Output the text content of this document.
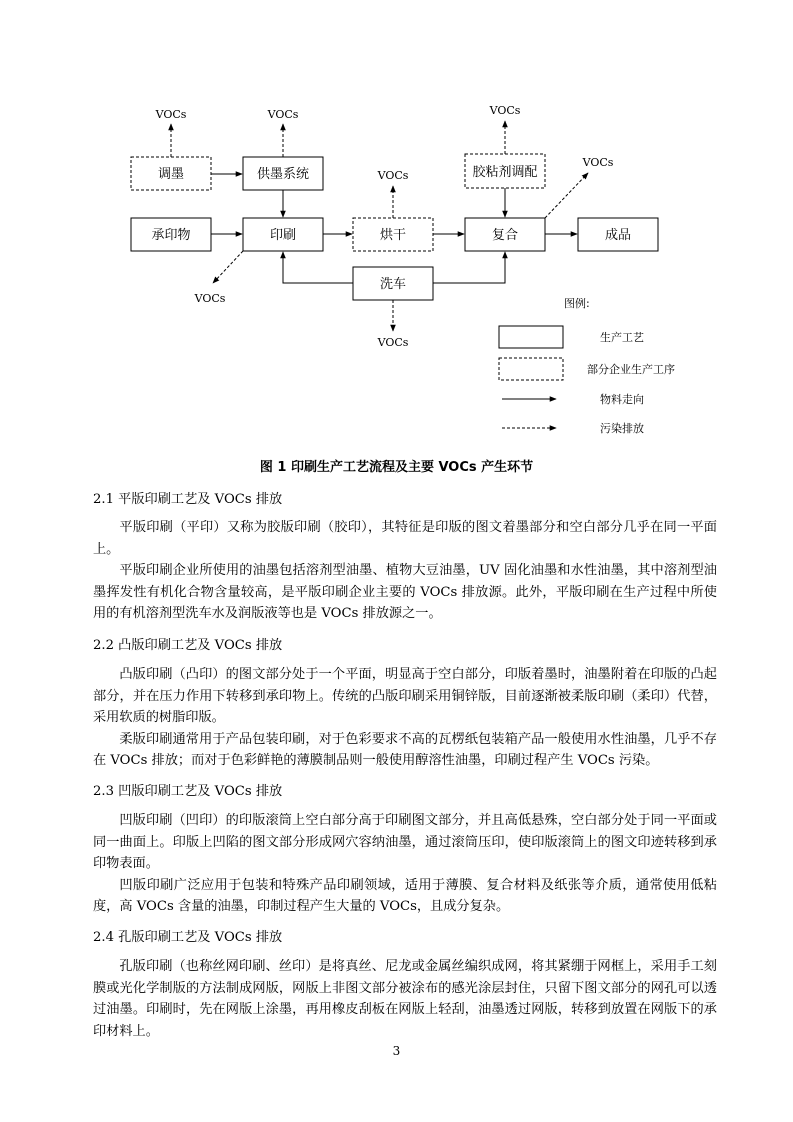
调墨	供墨系统
承印物	印刷	烘干	复合	成品
胶粘剂调配
洗车
VOCs	VOCs	VOCs
VOCs
VOCs
VOCs
VOCs
图例:
生产工艺
部分企业生产工序
物料走向
污染排放
图 1 印刷生产工艺流程及主要 VOCs 产生环节
2.1 平版印刷工艺及 VOCs 排放

平版印刷（平印）又称为胶版印刷（胶印），其特征是印版的图文着墨部分和空白部分几乎在同一平面上。

平版印刷企业所使用的油墨包括溶剂型油墨、植物大豆油墨，UV 固化油墨和水性油墨，其中溶剂型油墨挥发性有机化合物含量较高，是平版印刷企业主要的 VOCs 排放源。此外，平版印刷在生产过程中所使用的有机溶剂型洗车水及润版液等也是 VOCs 排放源之一。

2.2 凸版印刷工艺及 VOCs 排放

凸版印刷（凸印）的图文部分处于一个平面，明显高于空白部分，印版着墨时，油墨附着在印版的凸起部分，并在压力作用下转移到承印物上。传统的凸版印刷采用铜锌版，目前逐渐被柔版印刷（柔印）代替，采用软质的树脂印版。

柔版印刷通常用于产品包装印刷，对于色彩要求不高的瓦楞纸包装箱产品一般使用水性油墨，几乎不存在 VOCs 排放；而对于色彩鲜艳的薄膜制品则一般使用醇溶性油墨，印刷过程产生 VOCs 污染。

2.3 凹版印刷工艺及 VOCs 排放

凹版印刷（凹印）的印版滚筒上空白部分高于印刷图文部分，并且高低悬殊，空白部分处于同一平面或同一曲面上。印版上凹陷的图文部分形成网穴容纳油墨，通过滚筒压印，使印版滚筒上的图文印迹转移到承印物表面。

凹版印刷广泛应用于包装和特殊产品印刷领域，适用于薄膜、复合材料及纸张等介质，通常使用低粘度，高 VOCs 含量的油墨，印制过程产生大量的 VOCs，且成分复杂。

2.4 孔版印刷工艺及 VOCs 排放

孔版印刷（也称丝网印刷、丝印）是将真丝、尼龙或金属丝编织成网，将其紧绷于网框上，采用手工刻膜或光化学制版的方法制成网版，网版上非图文部分被涂布的感光涂层封住，只留下图文部分的网孔可以透过油墨。印刷时，先在网版上涂墨，再用橡皮刮板在网版上轻刮，油墨透过网版，转移到放置在网版下的承印材料上。

3
